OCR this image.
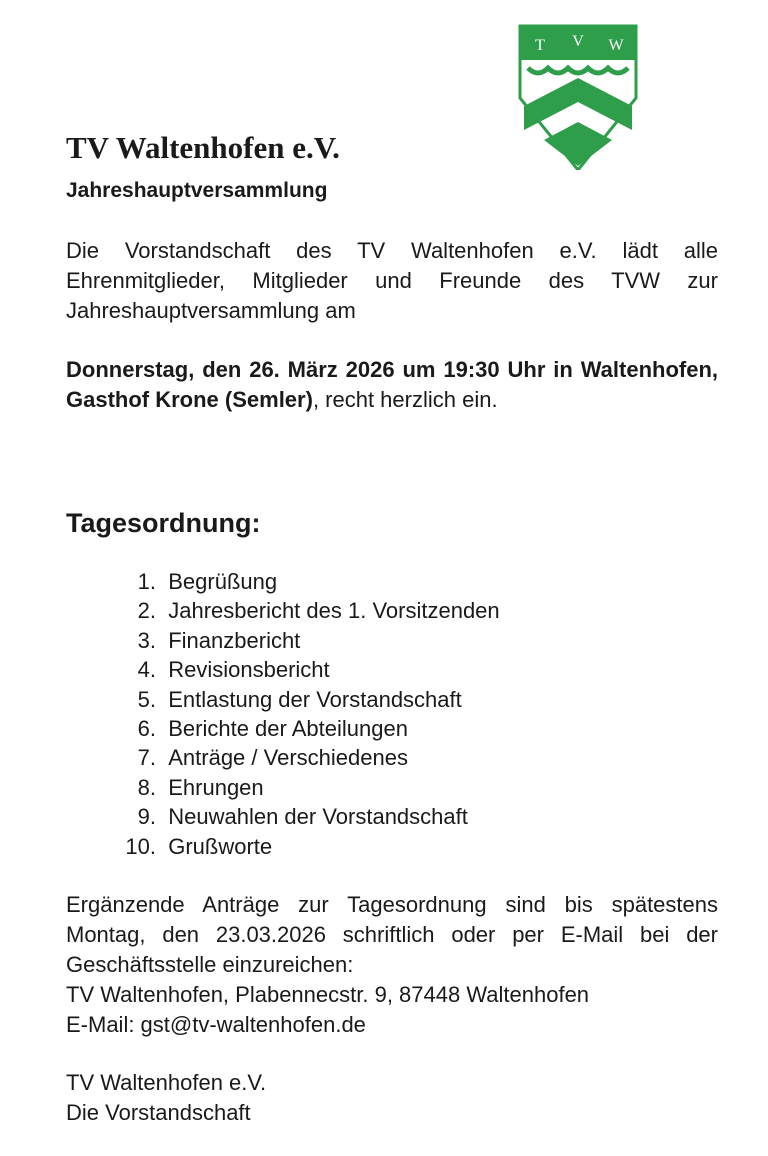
T V W
TV Waltenhofen e.V.
Jahreshauptversammlung

Die Vorstandschaft des TV Waltenhofen e.V. lädt alle Ehrenmitglieder, Mitglieder und Freunde des TVW zur Jahreshauptversammlung am

Donnerstag, den 26. März 2026 um 19:30 Uhr in Waltenhofen, Gasthof Krone (Semler), recht herzlich ein.

Tagesordnung:
1.
Begrüßung
2.
Jahresbericht des 1. Vorsitzenden
3.
Finanzbericht
4.
Revisionsbericht
5.
Entlastung der Vorstandschaft
6.
Berichte der Abteilungen
7.
Anträge / Verschiedenes
8.
Ehrungen
9.
Neuwahlen der Vorstandschaft
10.
Grußworte
Ergänzende Anträge zur Tagesordnung sind bis spätestens Montag, den 23.03.2026 schriftlich oder per E-Mail bei der Geschäftsstelle einzureichen:
TV Waltenhofen, Plabennecstr. 9, 87448 Waltenhofen
E-Mail: gst@tv-waltenhofen.de
TV Waltenhofen e.V.
Die Vorstandschaft
